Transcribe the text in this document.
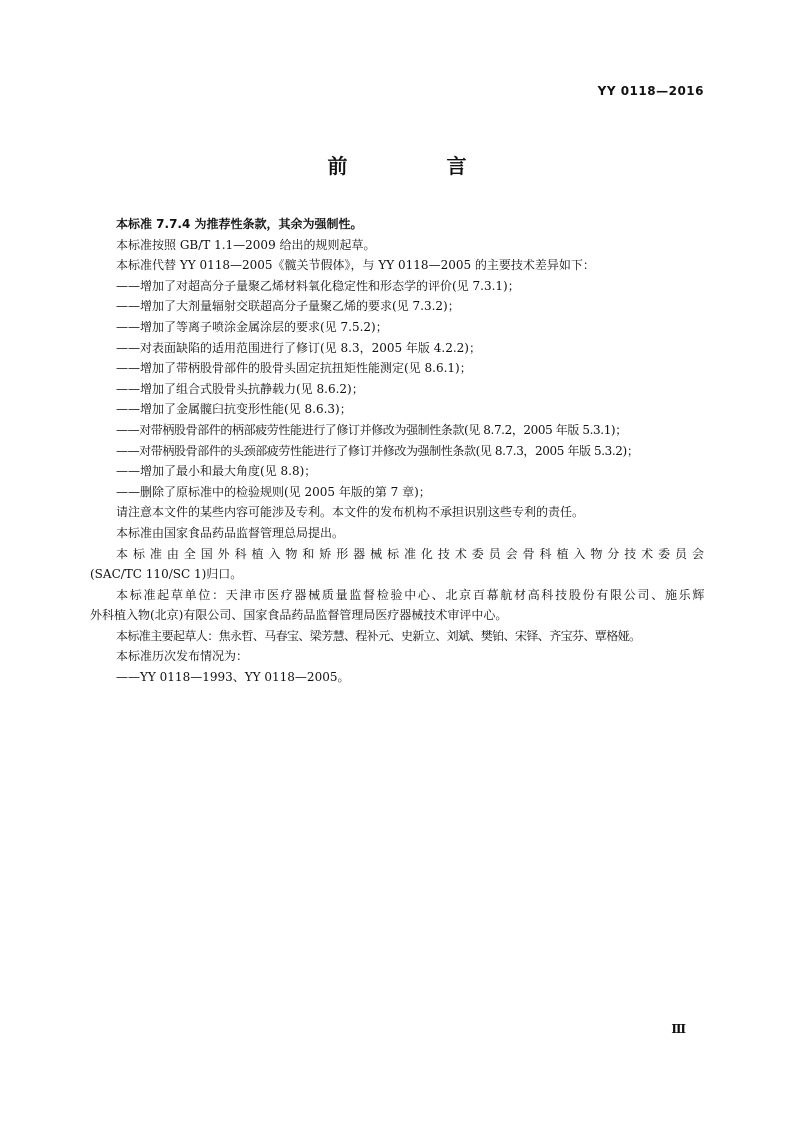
YY 0118—2016
前 言

本标准 7.7.4 为推荐性条款，其余为强制性。

本标准按照 GB/T 1.1—2009 给出的规则起草。

本标准代替 YY 0118—2005《髋关节假体》，与 YY 0118—2005 的主要技术差异如下：

——增加了对超高分子量聚乙烯材料氧化稳定性和形态学的评价(见 7.3.1)；

——增加了大剂量辐射交联超高分子量聚乙烯的要求(见 7.3.2)；

——增加了等离子喷涂金属涂层的要求(见 7.5.2)；

——对表面缺陷的适用范围进行了修订(见 8.3，2005 年版 4.2.2)；

——增加了带柄股骨部件的股骨头固定抗扭矩性能测定(见 8.6.1)；

——增加了组合式股骨头抗静载力(见 8.6.2)；

——增加了金属髋臼抗变形性能(见 8.6.3)；

——对带柄股骨部件的柄部疲劳性能进行了修订并修改为强制性条款(见 8.7.2，2005 年版 5.3.1)；

——对带柄股骨部件的头颈部疲劳性能进行了修订并修改为强制性条款(见 8.7.3，2005 年版 5.3.2)；

——增加了最小和最大角度(见 8.8)；

——删除了原标准中的检验规则(见 2005 年版的第 7 章)；

请注意本文件的某些内容可能涉及专利。本文件的发布机构不承担识别这些专利的责任。

本标准由国家食品药品监督管理总局提出。

本标准由全国外科植入物和矫形器械标准化技术委员会骨科植入物分技术委员会

(SAC/TC 110/SC 1)归口。

本标准起草单位：天津市医疗器械质量监督检验中心、北京百幕航材高科技股份有限公司、施乐辉

外科植入物(北京)有限公司、国家食品药品监督管理局医疗器械技术审评中心。

本标准主要起草人：焦永哲、马春宝、梁芳慧、程补元、史新立、刘斌、樊铂、宋铎、齐宝芬、覃格娅。

本标准历次发布情况为：

——YY 0118—1993、YY 0118—2005。

Ⅲ
